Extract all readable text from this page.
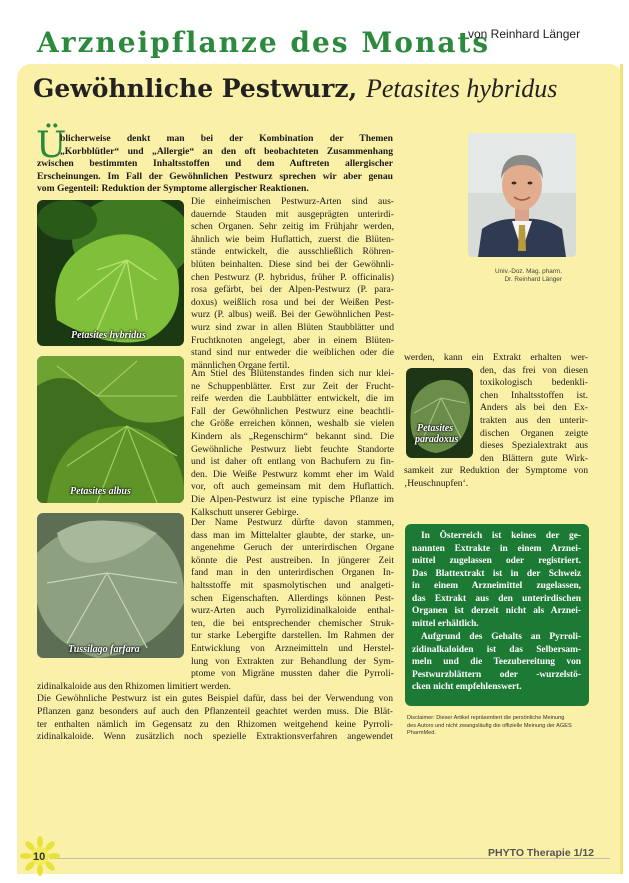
Arzneipflanze des Monats
von Reinhard Länger
Gewöhnliche Pestwurz, Petasites hybridus
Ü
blicherweise denkt man bei der Kombination der Themen
„Korbblütler“ und „Allergie“ an den oft beobachteten Zusammenhang
zwischen bestimmten Inhaltsstoffen und dem Auftreten allergischer
Erscheinungen. Im Fall der Gewöhnlichen Pestwurz sprechen wir aber genau
vom Gegenteil: Reduktion der Symptome allergischer Reaktionen.
Univ.-Doz. Mag. pharm.
Dr. Reinhard Länger
Petasites hybridus
Petasites albus
Tussilago farfara
Die einheimischen Pestwurz-Arten sind aus-
dauernde Stauden mit ausgeprägten unterirdi-
schen Organen. Sehr zeitig im Frühjahr werden,
ähnlich wie beim Huflattich, zuerst die Blüten-
stände entwickelt, die ausschließlich Röhren-
blüten beinhalten. Diese sind bei der Gewöhnli-
chen Pestwurz (P. hybridus, früher P. officinalis)
rosa gefärbt, bei der Alpen-Pestwurz (P. para-
doxus) weißlich rosa und bei der Weißen Pest-
wurz (P. albus) weiß. Bei der Gewöhnlichen Pest-
wurz sind zwar in allen Blüten Staubblätter und
Fruchtknoten angelegt, aber in einem Blüten-
stand sind nur entweder die weiblichen oder die
männlichen Organe fertil.
Am Stiel des Blütenstandes finden sich nur klei-
ne Schuppenblätter. Erst zur Zeit der Frucht-
reife werden die Laubblätter entwickelt, die im
Fall der Gewöhnlichen Pestwurz eine beachtli-
che Größe erreichen können, weshalb sie vielen
Kindern als „Regenschirm“ bekannt sind. Die
Gewöhnliche Pestwurz liebt feuchte Standorte
und ist daher oft entlang von Bachufern zu fin-
den. Die Weiße Pestwurz kommt eher im Wald
vor, oft auch gemeinsam mit dem Huflattich.
Die Alpen-Pestwurz ist eine typische Pflanze im
Kalkschutt unserer Gebirge.
Der Name Pestwurz dürfte davon stammen,
dass man im Mittelalter glaubte, der starke, un-
angenehme Geruch der unterirdischen Organe
könnte die Pest austreiben. In jüngerer Zeit
fand man in den unterirdischen Organen In-
haltsstoffe mit spasmolytischen und analgeti-
schen Eigenschaften. Allerdings können Pest-
wurz-Arten auch Pyrrolizidinalkaloide enthal-
ten, die bei entsprechender chemischer Struk-
tur starke Lebergifte darstellen. Im Rahmen der
Entwicklung von Arzneimitteln und Herstel-
lung von Extrakten zur Behandlung der Sym-
ptome von Migräne mussten daher die Pyrroli-
zidinalkaloide aus den Rhizomen limitiert werden.
Die Gewöhnliche Pestwurz ist ein gutes Beispiel dafür, dass bei der Verwendung von
Pflanzen ganz besonders auf auch den Pflanzenteil geachtet werden muss. Die Blät-
ter enthalten nämlich im Gegensatz zu den Rhizomen weitgehend keine Pyrroli-
zidinalkaloide. Wenn zusätzlich noch spezielle Extraktionsverfahren angewendet
werden, kann ein Extrakt erhalten wer-
Petasites
paradoxus
den, das frei von diesen
toxikologisch bedenkli-
chen Inhaltsstoffen ist.
Anders als bei den Ex-
trakten aus den unterir-
dischen Organen zeigte
dieses Spezialextrakt aus
den Blättern gute Wirk-
samkeit zur Reduktion der Symptome von
‚Heuschnupfen‘.
In Österreich ist keines der ge-
nannten Extrakte in einem Arznei-
mittel zugelassen oder registriert.
Das Blattextrakt ist in der Schweiz
in einem Arzneimittel zugelassen,
das Extrakt aus den unterirdischen
Organen ist derzeit nicht als Arznei-
mittel erhältlich.
Aufgrund des Gehalts an Pyrroli-
zidinalkaloiden ist das Selbersam-
meln und die Teezubereitung von
Pestwurzblättern oder -wurzelstö-
cken nicht empfehlenswert.
Disclaimer: Dieser Artikel repräsentiert die persönliche Meinung
des Autors und nicht zwangsläufig die offizielle Meinung der AGES
PharmMed.
10	PHYTO Therapie 1/12
